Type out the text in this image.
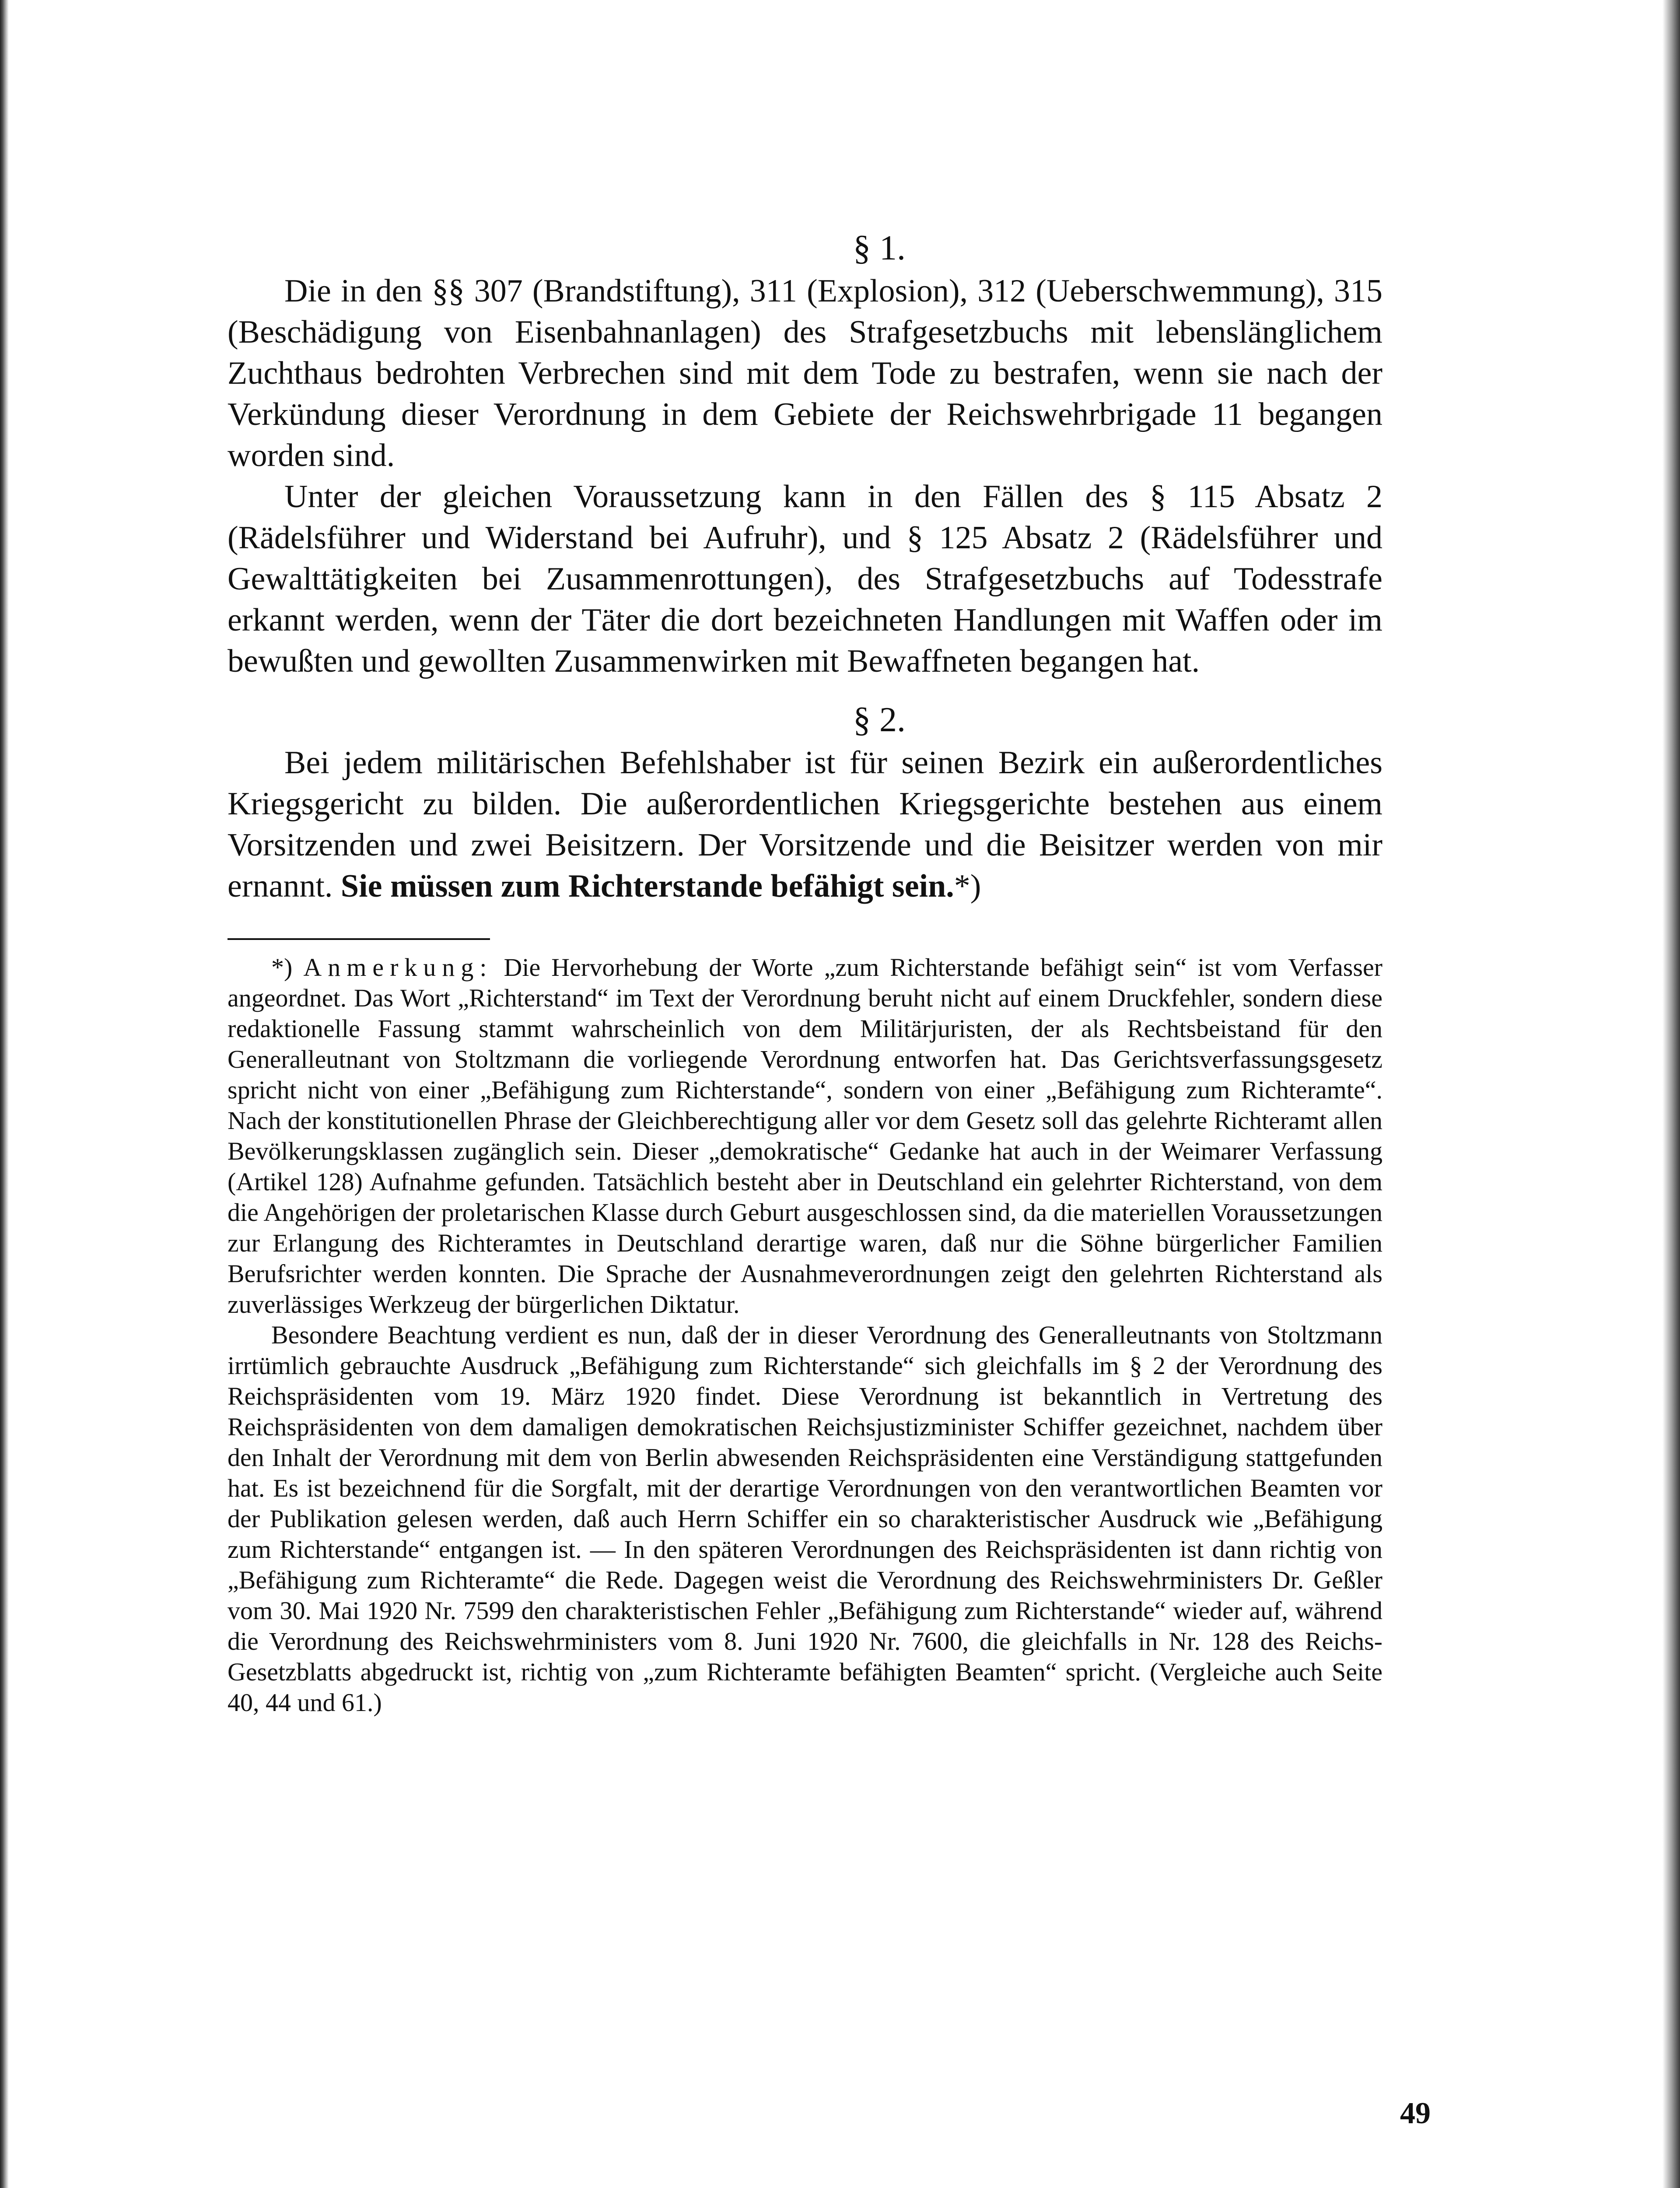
§ 1.

Die in den §§ 307 (Brandstiftung), 311 (Explosion), 312 (Ueberschwemmung), 315 (Beschädigung von Eisenbahnanlagen) des Strafgesetzbuchs mit lebenslänglichem Zuchthaus bedrohten Verbrechen sind mit dem Tode zu bestrafen, wenn sie nach der Verkündung dieser Verordnung in dem Gebiete der Reichswehrbrigade 11 begangen worden sind.

Unter der gleichen Voraussetzung kann in den Fällen des § 115 Absatz 2 (Rädelsführer und Widerstand bei Aufruhr), und § 125 Absatz 2 (Rädelsführer und Gewalttätigkeiten bei Zusammenrottungen), des Strafgesetzbuchs auf Todesstrafe erkannt werden, wenn der Täter die dort bezeichneten Handlungen mit Waffen oder im bewußten und gewollten Zusammenwirken mit Bewaffneten begangen hat.

§ 2.

Bei jedem militärischen Befehlshaber ist für seinen Bezirk ein außerordentliches Kriegsgericht zu bilden. Die außerordentlichen Kriegsgerichte bestehen aus einem Vorsitzenden und zwei Beisitzern. Der Vorsitzende und die Beisitzer werden von mir ernannt. Sie müssen zum Richterstande befähigt sein.*)

*) Anmerkung: Die Hervorhebung der Worte „zum Richterstande befähigt sein“ ist vom Verfasser angeordnet. Das Wort „Richterstand“ im Text der Verordnung beruht nicht auf einem Druckfehler, sondern diese redaktionelle Fassung stammt wahrscheinlich von dem Militärjuristen, der als Rechtsbeistand für den Generalleutnant von Stoltzmann die vorliegende Verordnung entworfen hat. Das Gerichtsverfassungsgesetz spricht nicht von einer „Befähigung zum Richterstande“, sondern von einer „Befähigung zum Richteramte“. Nach der konstitutionellen Phrase der Gleichberechtigung aller vor dem Gesetz soll das gelehrte Richteramt allen Bevölkerungsklassen zugänglich sein. Dieser „demokratische“ Gedanke hat auch in der Weimarer Verfassung (Artikel 128) Aufnahme gefunden. Tatsächlich besteht aber in Deutschland ein gelehrter Richterstand, von dem die Angehörigen der proletarischen Klasse durch Geburt ausgeschlossen sind, da die materiellen Voraussetzungen zur Erlangung des Richteramtes in Deutschland derartige waren, daß nur die Söhne bürgerlicher Familien Berufsrichter werden konnten. Die Sprache der Ausnahmeverordnungen zeigt den gelehrten Richterstand als zuverlässiges Werkzeug der bürgerlichen Diktatur.

Besondere Beachtung verdient es nun, daß der in dieser Verordnung des Generalleutnants von Stoltzmann irrtümlich gebrauchte Ausdruck „Befähigung zum Richterstande“ sich gleichfalls im § 2 der Verordnung des Reichspräsidenten vom 19. März 1920 findet. Diese Verordnung ist bekanntlich in Vertretung des Reichspräsidenten von dem damaligen demokratischen Reichsjustizminister Schiffer gezeichnet, nachdem über den Inhalt der Verordnung mit dem von Berlin abwesenden Reichspräsidenten eine Verständigung stattgefunden hat. Es ist bezeichnend für die Sorgfalt, mit der derartige Verordnungen von den verantwortlichen Beamten vor der Publikation gelesen werden, daß auch Herrn Schiffer ein so charakteristischer Ausdruck wie „Befähigung zum Richterstande“ entgangen ist. — In den späteren Verordnungen des Reichspräsidenten ist dann richtig von „Befähigung zum Richteramte“ die Rede. Dagegen weist die Verordnung des Reichswehrministers Dr. Geßler vom 30. Mai 1920 Nr. 7599 den charakteristischen Fehler „Befähigung zum Richterstande“ wieder auf, während die Verordnung des Reichswehrministers vom 8. Juni 1920 Nr. 7600, die gleichfalls in Nr. 128 des Reichs-Gesetzblatts abgedruckt ist, richtig von „zum Richteramte befähigten Beamten“ spricht. (Vergleiche auch Seite 40, 44 und 61.)

49
